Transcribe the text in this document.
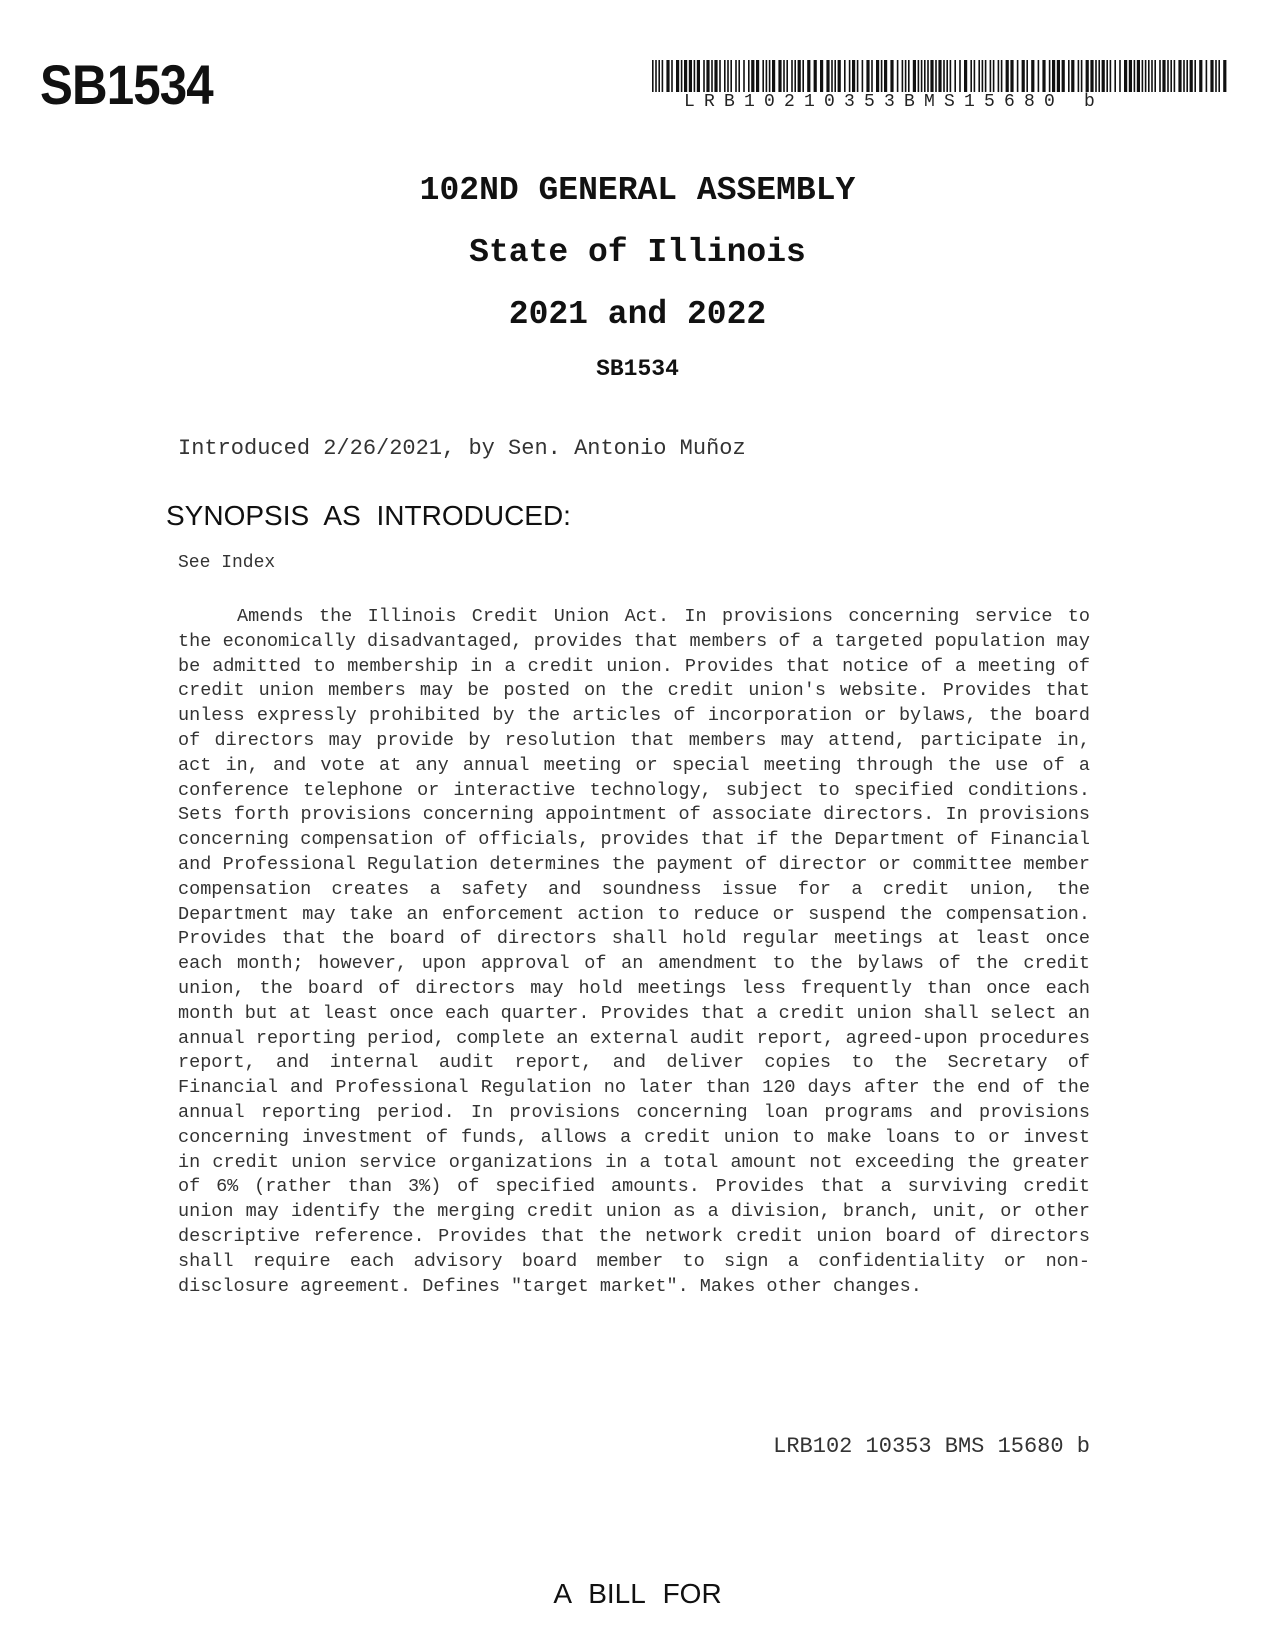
SB1534	LRB10210353BMS15680 b
102ND GENERAL ASSEMBLY
State of Illinois
2021 and 2022
SB1534
Introduced 2/26/2021, by Sen. Antonio Muñoz
SYNOPSIS AS INTRODUCED:
See Index

Amends the Illinois Credit Union Act. In provisions concerning service to the economically disadvantaged, provides that members of a targeted population may be admitted to membership in a credit union. Provides that notice of a meeting of credit union members may be posted on the credit union's website. Provides that unless expressly prohibited by the articles of incorporation or bylaws, the board of directors may provide by resolution that members may attend, participate in, act in, and vote at any annual meeting or special meeting through the use of a conference telephone or interactive technology, subject to specified conditions. Sets forth provisions concerning appointment of associate directors. In provisions concerning compensation of officials, provides that if the Department of Financial and Professional Regulation determines the payment of director or committee member compensation creates a safety and soundness issue for a credit union, the Department may take an enforcement action to reduce or suspend the compensation. Provides that the board of directors shall hold regular meetings at least once each month; however, upon approval of an amendment to the bylaws of the credit union, the board of directors may hold meetings less frequently than once each month but at least once each quarter. Provides that a credit union shall select an annual reporting period, complete an external audit report, agreed-upon procedures report, and internal audit report, and deliver copies to the Secretary of Financial and Professional Regulation no later than 120 days after the end of the annual reporting period. In provisions concerning loan programs and provisions concerning investment of funds, allows a credit union to make loans to or invest in credit union service organizations in a total amount not exceeding the greater of 6% (rather than 3%) of specified amounts. Provides that a surviving credit union may identify the merging credit union as a division, branch, unit, or other descriptive reference. Provides that the network credit union board of directors shall require each advisory board member to sign a confidentiality or non-disclosure agreement. Defines "target market". Makes other changes.

LRB102 10353 BMS 15680 b
A BILL FOR
